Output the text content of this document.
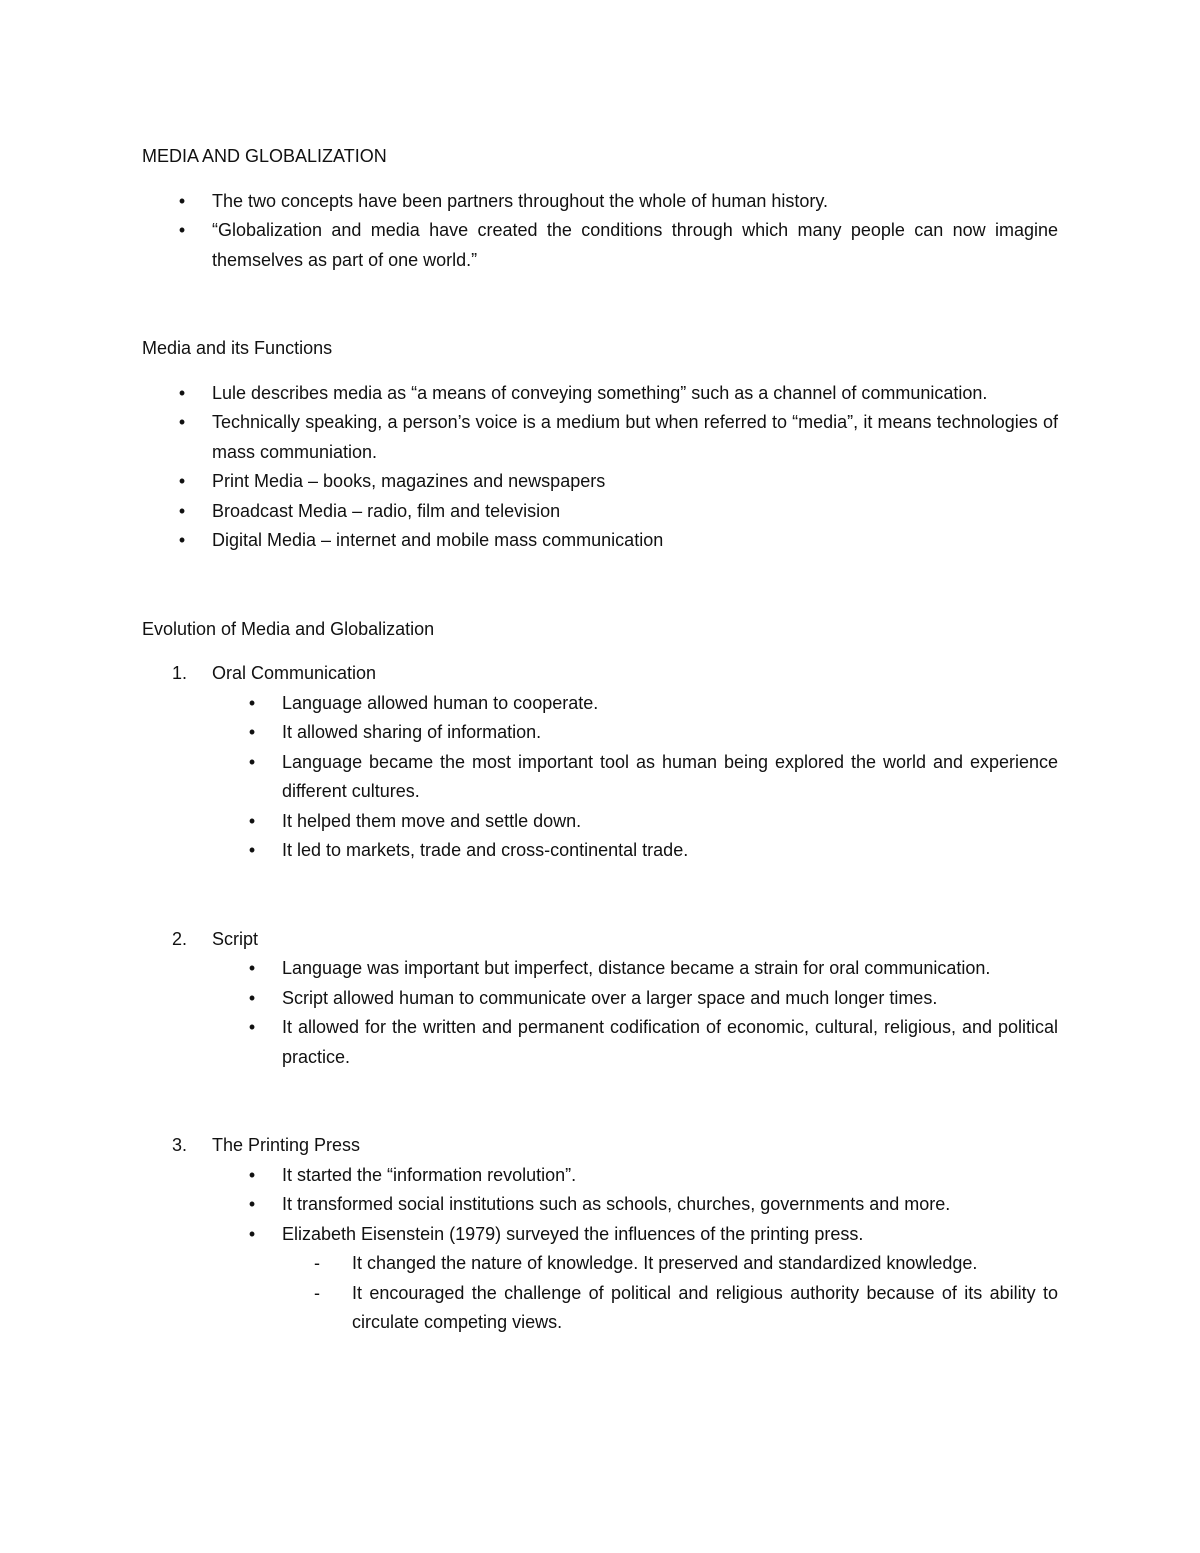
MEDIA AND GLOBALIZATION

•	The two concepts have been partners throughout the whole of human history.
•	“Globalization and media have created the conditions through which many people can now imagine themselves as part of one world.”

Media and its Functions

•	Lule describes media as “a means of conveying something” such as a channel of communication.
•	Technically speaking, a person’s voice is a medium but when referred to “media”, it means technologies of mass communiation.
•	Print Media – books, magazines and newspapers
•	Broadcast Media – radio, film and television
•	Digital Media – internet and mobile mass communication

Evolution of Media and Globalization

1.	Oral Communication
•	Language allowed human to cooperate.
•	It allowed sharing of information.
•	Language became the most important tool as human being explored the world and experience different cultures.
•	It helped them move and settle down.
•	It led to markets, trade and cross-continental trade.
2.	Script
•	Language was important but imperfect, distance became a strain for oral communication.
•	Script allowed human to communicate over a larger space and much longer times.
•	It allowed for the written and permanent codification of economic, cultural, religious, and political practice.
3.	The Printing Press
•	It started the “information revolution”.
•	It transformed social institutions such as schools, churches, governments and more.
•	Elizabeth Eisenstein (1979) surveyed the influences of the printing press.
- It changed the nature of knowledge. It preserved and standardized knowledge.
- It encouraged the challenge of political and religious authority because of its ability to circulate competing views.
